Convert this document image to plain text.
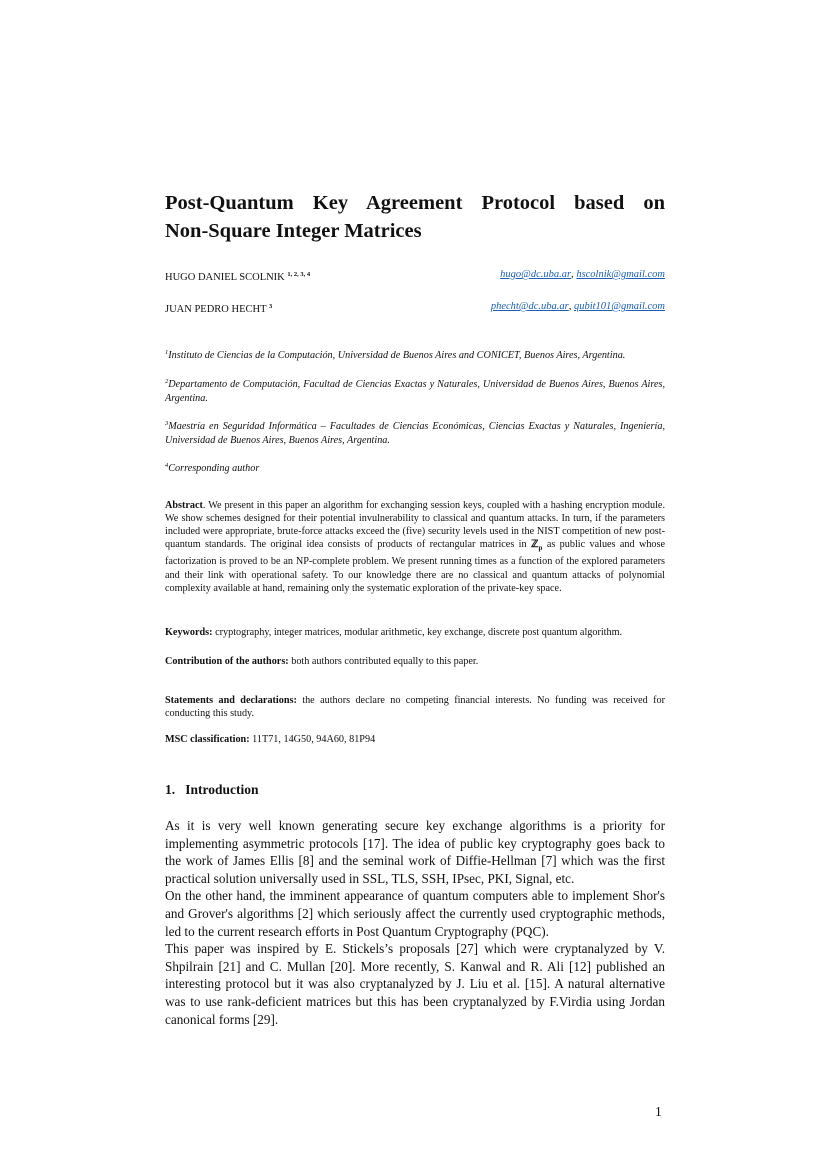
Post-Quantum Key Agreement Protocol based on
Non-Square Integer Matrices
HUGO DANIEL SCOLNIK $^{1, 2, 3, 4}$	hugo@dc.uba.ar, hscolnik@gmail.com
JUAN PEDRO HECHT $^3$	phecht@dc.uba.ar, qubit101@gmail.com

$^1$Instituto de Ciencias de la Computación, Universidad de Buenos Aires and CONICET, Buenos Aires, Argentina.

$^2$Departamento de Computación, Facultad de Ciencias Exactas y Naturales, Universidad de Buenos Aires, Buenos Aires, Argentina.

$^3$Maestría en Seguridad Informática – Facultades de Ciencias Económicas, Ciencias Exactas y Naturales, Ingeniería, Universidad de Buenos Aires, Buenos Aires, Argentina.

$^4$Corresponding author

Abstract. We present in this paper an algorithm for exchanging session keys, coupled with a hashing encryption module. We show schemes designed for their potential invulnerability to classical and quantum attacks. In turn, if the parameters included were appropriate, brute-force attacks exceed the (five) security levels used in the NIST competition of new post-quantum standards. The original idea consists of products of rectangular matrices in ℤ$_p$ as public values and whose factorization is proved to be an NP-complete problem. We present running times as a function of the explored parameters and their link with operational safety. To our knowledge there are no classical and quantum attacks of polynomial complexity available at hand, remaining only the systematic exploration of the private-key space.

Keywords: cryptography, integer matrices, modular arithmetic, key exchange, discrete post quantum algorithm.

Contribution of the authors: both authors contributed equally to this paper.

Statements and declarations: the authors declare no competing financial interests. No funding was received for conducting this study.

MSC classification: 11T71, 14G50, 94A60, 81P94

1.   Introduction

As it is very well known generating secure key exchange algorithms is a priority for implementing asymmetric protocols [17]. The idea of public key cryptography goes back to the work of James Ellis [8] and the seminal work of Diffie-Hellman [7] which was the first practical solution universally used in SSL, TLS, SSH, IPsec, PKI, Signal, etc.

On the other hand, the imminent appearance of quantum computers able to implement Shor's and Grover's algorithms [2] which seriously affect the currently used cryptographic methods, led to the current research efforts in Post Quantum Cryptography (PQC).

This paper was inspired by E. Stickels’s proposals [27] which were cryptanalyzed by V. Shpilrain [21] and C. Mullan [20]. More recently, S. Kanwal and R. Ali [12] published an interesting protocol but it was also cryptanalyzed by J. Liu et al. [15]. A natural alternative was to use rank-deficient matrices but this has been cryptanalyzed by F.Virdia using Jordan canonical forms [29].

1
